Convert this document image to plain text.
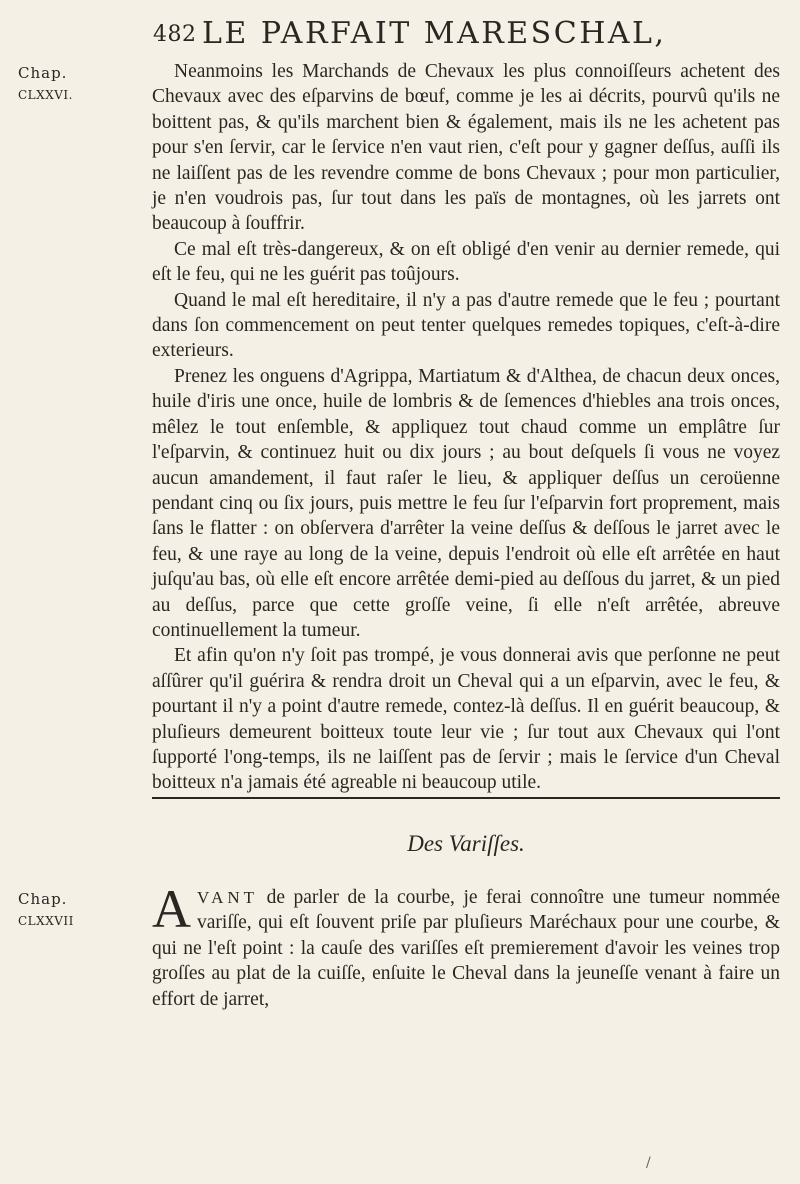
482 LE PARFAIT MARESCHAL,
Chap.
CLXXVI.

Neanmoins les Marchands de Chevaux les plus connoiſſeurs achetent des Chevaux avec des eſparvins de bœuf, comme je les ai décrits, pourvû qu'ils ne boittent pas, & qu'ils marchent bien & également, mais ils ne les achetent pas pour s'en ſervir, car le ſervice n'en vaut rien, c'eſt pour y gagner deſſus, auſſi ils ne laiſſent pas de les revendre comme de bons Chevaux ; pour mon particulier, je n'en voudrois pas, ſur tout dans les païs de montagnes, où les jarrets ont beaucoup à ſouffrir.

Ce mal eſt très-dangereux, & on eſt obligé d'en venir au dernier remede, qui eſt le feu, qui ne les guérit pas toûjours.

Quand le mal eſt hereditaire, il n'y a pas d'autre remede que le feu ; pourtant dans ſon commencement on peut tenter quelques remedes topiques, c'eſt-à-dire exterieurs.

Prenez les onguens d'Agrippa, Martiatum & d'Althea, de chacun deux onces, huile d'iris une once, huile de lombris & de ſemences d'hiebles ana trois onces, mêlez le tout enſemble, & appliquez tout chaud comme un emplâtre ſur l'eſparvin, & continuez huit ou dix jours ; au bout deſquels ſi vous ne voyez aucun amandement, il faut raſer le lieu, & appliquer deſſus un ceroüenne pendant cinq ou ſix jours, puis mettre le feu ſur l'eſparvin fort proprement, mais ſans le flatter : on obſervera d'arrêter la veine deſſus & deſſous le jarret avec le feu, & une raye au long de la veine, depuis l'endroit où elle eſt arrêtée en haut juſqu'au bas, où elle eſt encore arrêtée demi-pied au deſſous du jarret, & un pied au deſſus, parce que cette groſſe veine, ſi elle n'eſt arrêtée, abreuve continuellement la tumeur.

Et afin qu'on n'y ſoit pas trompé, je vous donnerai avis que perſonne ne peut aſſûrer qu'il guérira & rendra droit un Cheval qui a un eſparvin, avec le feu, & pourtant il n'y a point d'autre remede, contez-là deſſus. Il en guérit beaucoup, & pluſieurs demeurent boitteux toute leur vie ; ſur tout aux Chevaux qui l'ont ſupporté l'ong-temps, ils ne laiſſent pas de ſervir ; mais le ſervice d'un Cheval boitteux n'a jamais été agreable ni beaucoup utile.

Des Variſſes.
Chap.
CLXXVII A VANT de parler de la courbe, je ferai connoître une tumeur nommée variſſe, qui eſt ſouvent priſe par pluſieurs Maréchaux pour une courbe, & qui ne l'eſt point : la cauſe des variſſes eſt premierement d'avoir les veines trop groſſes au plat de la cuiſſe, enſuite le Cheval dans la jeuneſſe venant à faire un effort de jarret,
/
